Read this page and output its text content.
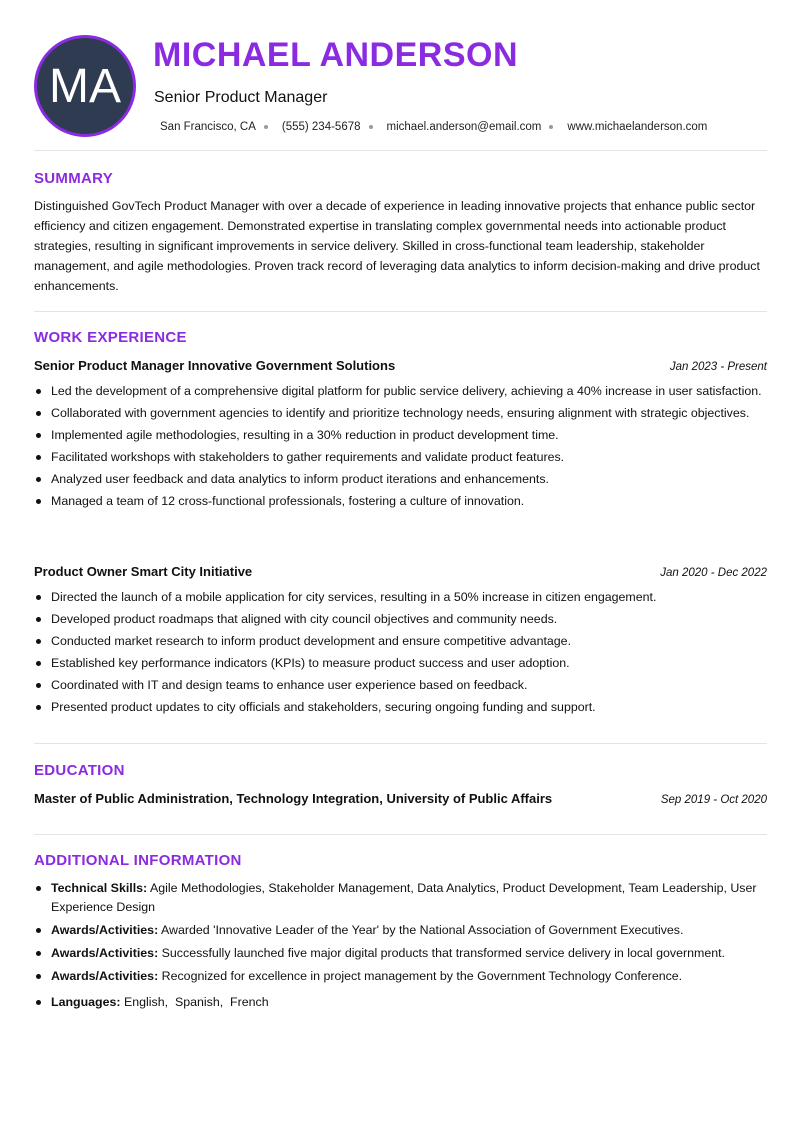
MA
MICHAEL ANDERSON
Senior Product Manager
San Francisco, CA (555) 234-5678 michael.anderson@email.com www.michaelanderson.com
SUMMARY
Distinguished GovTech Product Manager with over a decade of experience in leading innovative projects that enhance public sector efficiency and citizen engagement. Demonstrated expertise in translating complex governmental needs into actionable product strategies, resulting in significant improvements in service delivery. Skilled in cross-functional team leadership, stakeholder management, and agile methodologies. Proven track record of leveraging data analytics to inform decision-making and drive product enhancements.
WORK EXPERIENCE
Senior Product Manager Innovative Government Solutions	Jan 2023 - Present
Led the development of a comprehensive digital platform for public service delivery, achieving a 40% increase in user satisfaction.
Collaborated with government agencies to identify and prioritize technology needs, ensuring alignment with strategic objectives.
Implemented agile methodologies, resulting in a 30% reduction in product development time.
Facilitated workshops with stakeholders to gather requirements and validate product features.
Analyzed user feedback and data analytics to inform product iterations and enhancements.
Managed a team of 12 cross-functional professionals, fostering a culture of innovation.
Product Owner Smart City Initiative	Jan 2020 - Dec 2022
Directed the launch of a mobile application for city services, resulting in a 50% increase in citizen engagement.
Developed product roadmaps that aligned with city council objectives and community needs.
Conducted market research to inform product development and ensure competitive advantage.
Established key performance indicators (KPIs) to measure product success and user adoption.
Coordinated with IT and design teams to enhance user experience based on feedback.
Presented product updates to city officials and stakeholders, securing ongoing funding and support.
EDUCATION
Master of Public Administration, Technology Integration, University of Public Affairs	Sep 2019 - Oct 2020
ADDITIONAL INFORMATION
Technical Skills: Agile Methodologies, Stakeholder Management, Data Analytics, Product Development, Team Leadership, User Experience Design
Awards/Activities: Awarded 'Innovative Leader of the Year' by the National Association of Government Executives.
Awards/Activities: Successfully launched five major digital products that transformed service delivery in local government.
Awards/Activities: Recognized for excellence in project management by the Government Technology Conference.
Languages: English,  Spanish,  French
